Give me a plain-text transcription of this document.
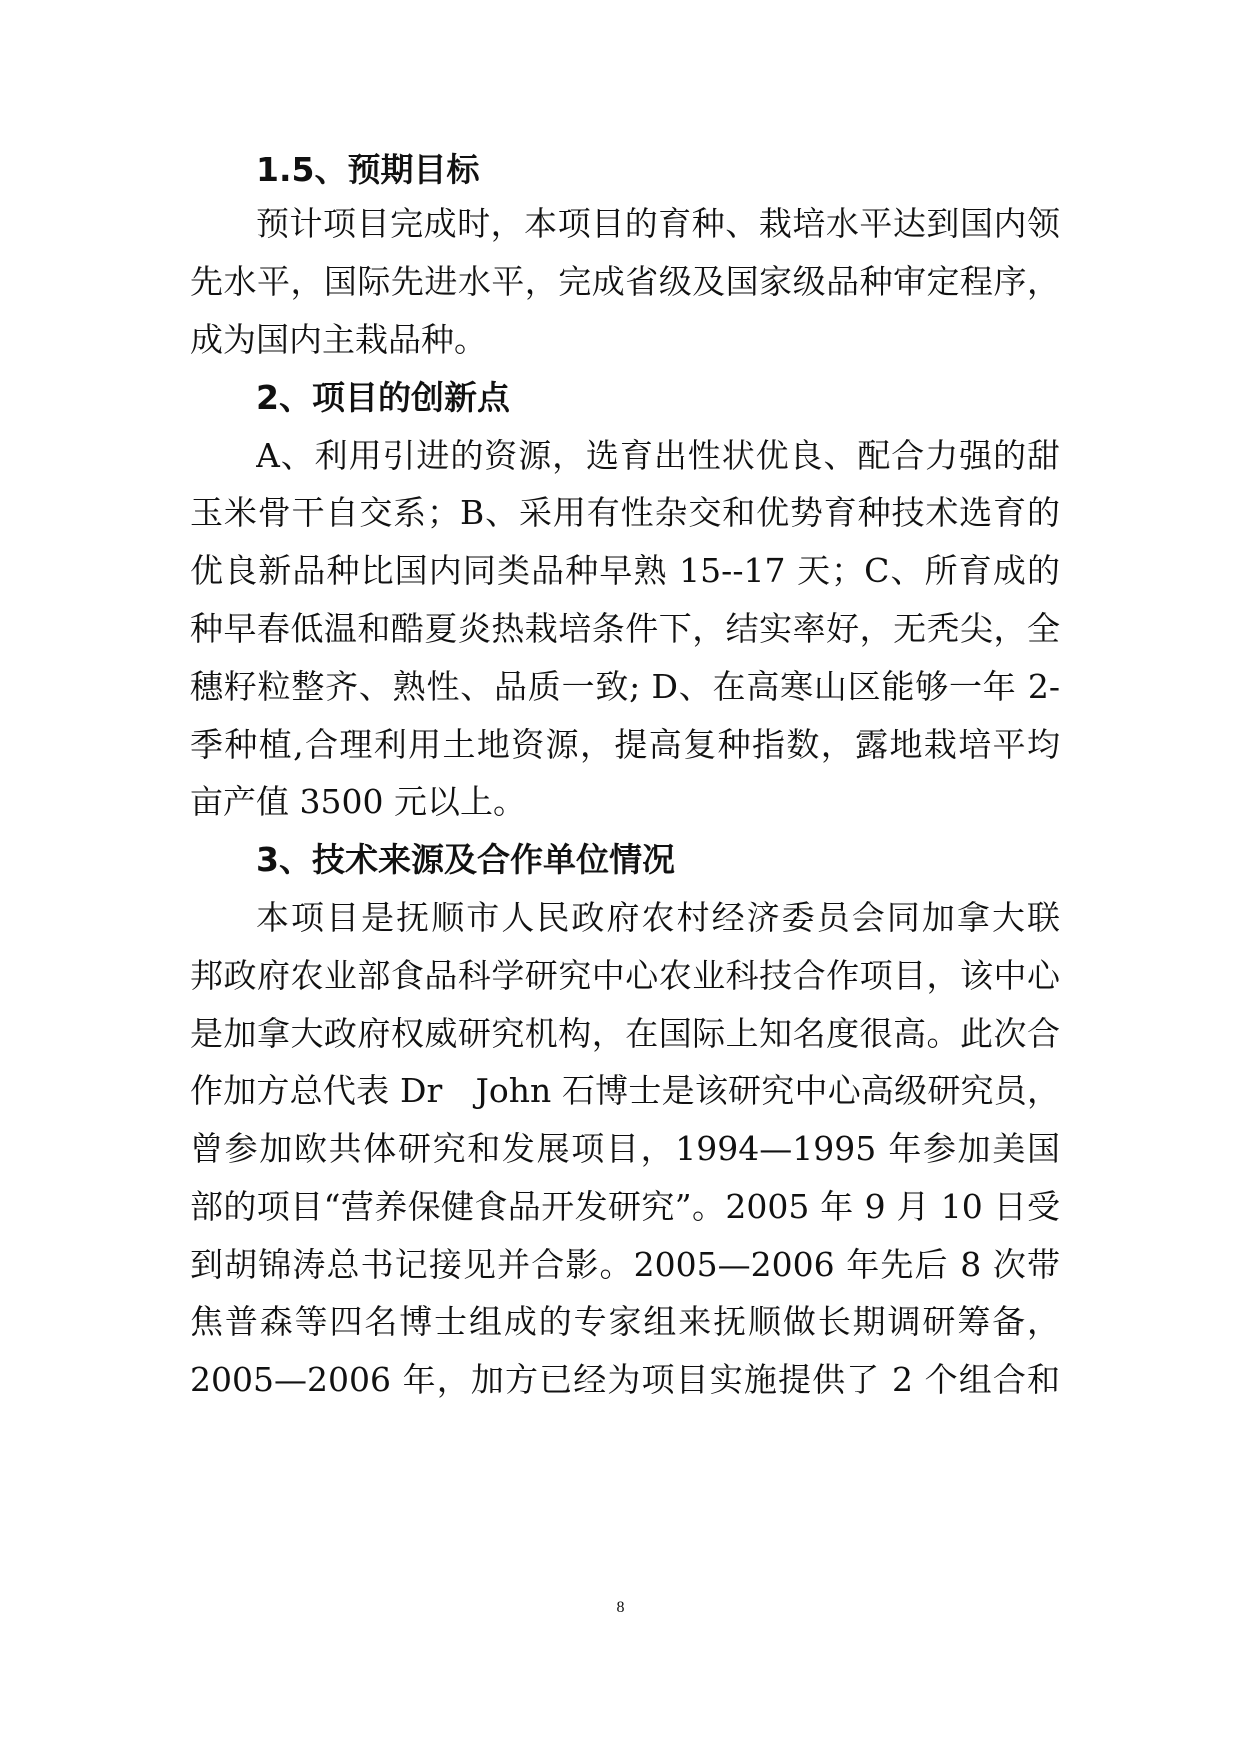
1.5、预期目标
预计项目完成时，本项目的育种、栽培水平达到国内领
先水平，国际先进水平，完成省级及国家级品种审定程序，
成为国内主栽品种。
2、项目的创新点
A、利用引进的资源，选育出性状优良、配合力强的甜
玉米骨干自交系；B、采用有性杂交和优势育种技术选育的
优良新品种比国内同类品种早熟 15--17 天；C、所育成的
种早春低温和酷夏炎热栽培条件下，结实率好，无秃尖，全
穗籽粒整齐、熟性、品质一致; D、在高寒山区能够一年 2-
季种植,合理利用土地资源，提高复种指数，露地栽培平均
亩产值 3500 元以上。
3、技术来源及合作单位情况
本项目是抚顺市人民政府农村经济委员会同加拿大联
邦政府农业部食品科学研究中心农业科技合作项目，该中心
是加拿大政府权威研究机构，在国际上知名度很高。此次合
作加方总代表 Dr　John 石博士是该研究中心高级研究员，
曾参加欧共体研究和发展项目，1994—1995 年参加美国
部的项目“营养保健食品开发研究”。2005 年 9 月 10 日受
到胡锦涛总书记接见并合影。2005—2006 年先后 8 次带
焦普森等四名博士组成的专家组来抚顺做长期调研筹备，
2005—2006 年，加方已经为项目实施提供了 2 个组合和
8
